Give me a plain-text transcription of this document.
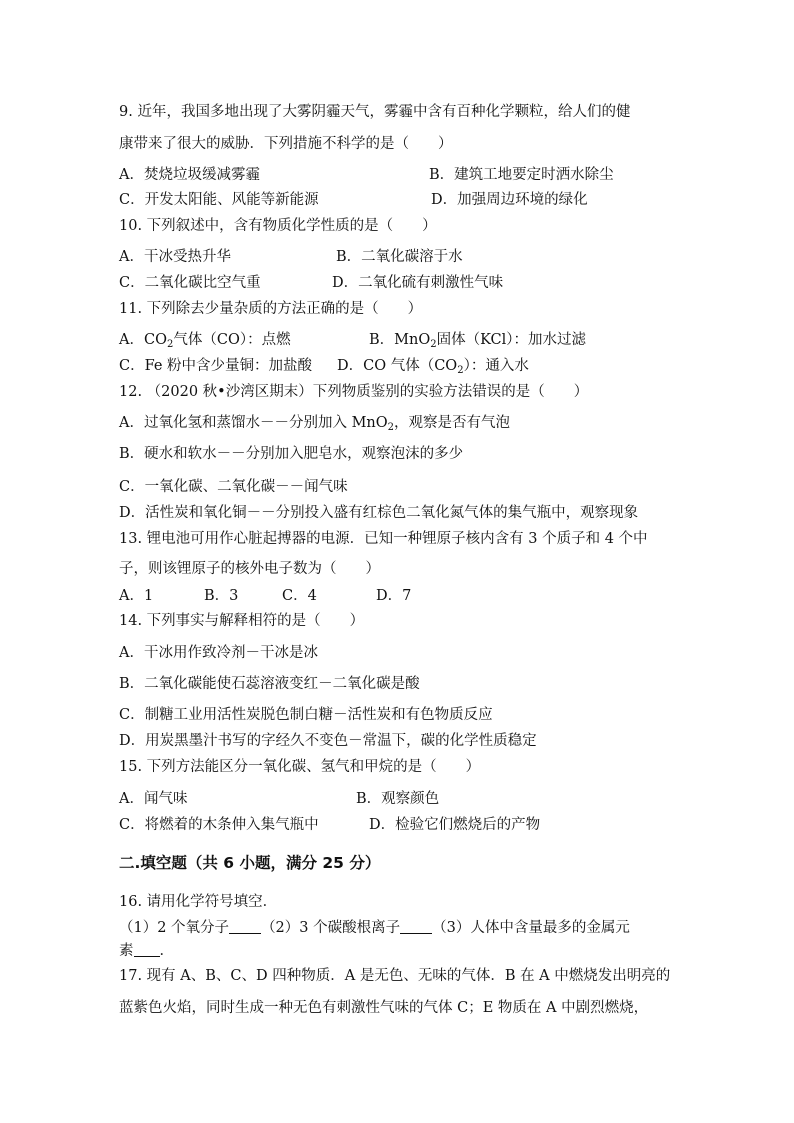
9. 近年，我国多地出现了大雾阴霾天气，雾霾中含有百种化学颗粒，给人们的健
康带来了很大的威胁．下列措施不科学的是（　　）
A．焚烧垃圾缓减雾霾	B．建筑工地要定时洒水除尘
C．开发太阳能、风能等新能源	D．加强周边环境的绿化
10. 下列叙述中，含有物质化学性质的是（　　）
A．干冰受热升华	B．二氧化碳溶于水
C．二氧化碳比空气重	D．二氧化硫有刺激性气味
11. 下列除去少量杂质的方法正确的是（　　）
A．$CO_2$气体（CO）：点燃	B．MnO$_2$固体（KCl）：加水过滤
C．Fe 粉中含少量铜：加盐酸 D．CO 气体$(CO_2)$：通入水
12. （2020 秋•沙湾区期末）下列物质鉴别的实验方法错误的是（　　）
A．过氧化氢和蒸馏水－－分别加入 MnO$_2$，观察是否有气泡
B．硬水和软水－－分别加入肥皂水，观察泡沫的多少
C．一氧化碳、二氧化碳－－闻气味
D．活性炭和氧化铜－－分别投入盛有红棕色二氧化氮气体的集气瓶中，观察现象
13. 锂电池可用作心脏起搏器的电源．已知一种锂原子核内含有 3 个质子和 4 个中
子，则该锂原子的核外电子数为（　　）
A．1	B．3	C．4	D．7
14. 下列事实与解释相符的是（　　）
A．干冰用作致冷剂－干冰是冰
B．二氧化碳能使石蕊溶液变红－二氧化碳是酸
C．制糖工业用活性炭脱色制白糖－活性炭和有色物质反应
D．用炭黑墨汁书写的字经久不变色－常温下，碳的化学性质稳定
15. 下列方法能区分一氧化碳、氢气和甲烷的是（　　）
A．闻气味	B．观察颜色
C．将燃着的木条伸入集气瓶中	D．检验它们燃烧后的产物
二.填空题（共 6 小题，满分 25 分）
16. 请用化学符号填空．
（1）2 个氧分子 （2）3 个碳酸根离子 （3）人体中含量最多的金属元
素 ．
17. 现有 A、B、C、D 四种物质．A 是无色、无味的气体．B 在 A 中燃烧发出明亮的
蓝紫色火焰，同时生成一种无色有刺激性气味的气体 C；E 物质在 A 中剧烈燃烧，
